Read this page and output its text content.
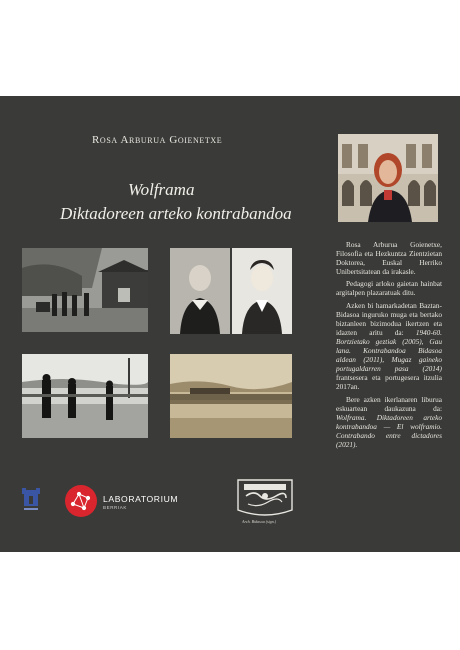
Rosa Arburua Goienetxe
Wolframa
Diktadoreen arteko kontrabandoa

Rosa Arburua Goienetxe, Filosofia eta Hezkuntza Zientzietan Doktorea, Euskal Herriko Unibertsitatean da irakasle.

Pedagogi arloko gaietan hainbat argitalpen plazaratuak ditu.

Azken bi hamarkadetan Baztan-Bidasoa inguruko muga eta bertako biztanleen bizimodua ikertzen eta idazten aritu da: 1940-60. Bortzietako geztiak (2005), Gau lana. Kontrabandoa Bidasoa aldean (2011), Mugaz gaineko portugaldarren pasa (2014) frantsesera eta portugesera itzulia 2017an.

Bere azken ikerlanaren liburua eskuartean daukazuna da: Wolframa. Diktadoreen arteko kontrabandoa — El wolframio. Contrabando entre dictadores (2021).

LABORATORIUM
BERRIAK
Arch. Bidasoa (sign.)
